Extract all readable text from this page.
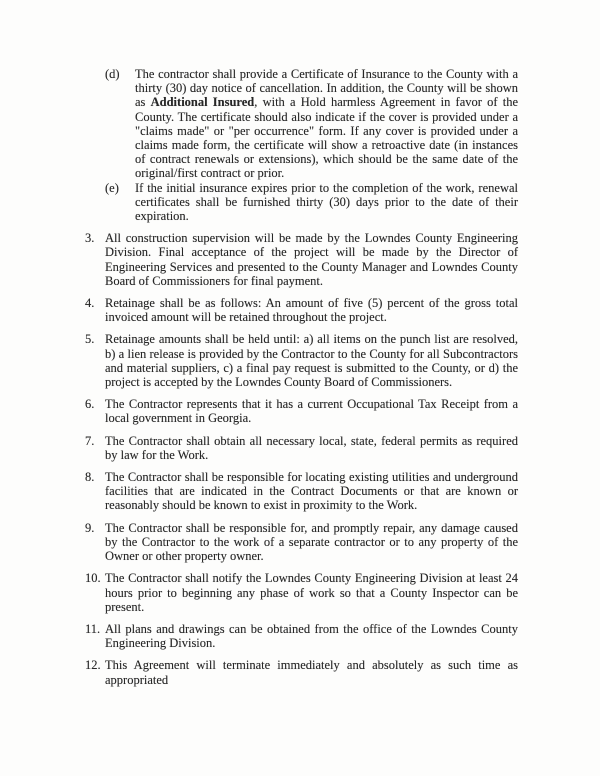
(d)	The contractor shall provide a Certificate of Insurance to the County with a thirty (30) day notice of cancellation. In addition, the County will be shown as Additional Insured, with a Hold harmless Agreement in favor of the County. The certificate should also indicate if the cover is provided under a "claims made" or "per occurrence" form. If any cover is provided under a claims made form, the certificate will show a retroactive date (in instances of contract renewals or extensions), which should be the same date of the original/first contract or prior.

(e)	If the initial insurance expires prior to the completion of the work, renewal certificates shall be furnished thirty (30) days prior to the date of their expiration.

3. All construction supervision will be made by the Lowndes County Engineering Division. Final acceptance of the project will be made by the Director of Engineering Services and presented to the County Manager and Lowndes County Board of Commissioners for final payment.

4. Retainage shall be as follows: An amount of five (5) percent of the gross total invoiced amount will be retained throughout the project.

5. Retainage amounts shall be held until: a) all items on the punch list are resolved, b) a lien release is provided by the Contractor to the County for all Subcontractors and material suppliers, c) a final pay request is submitted to the County, or d) the project is accepted by the Lowndes County Board of Commissioners.

6. The Contractor represents that it has a current Occupational Tax Receipt from a local government in Georgia.

7. The Contractor shall obtain all necessary local, state, federal permits as required by law for the Work.

8. The Contractor shall be responsible for locating existing utilities and underground facilities that are indicated in the Contract Documents or that are known or reasonably should be known to exist in proximity to the Work.

9. The Contractor shall be responsible for, and promptly repair, any damage caused by the Contractor to the work of a separate contractor or to any property of the Owner or other property owner.

10. The Contractor shall notify the Lowndes County Engineering Division at least 24 hours prior to beginning any phase of work so that a County Inspector can be present.

11. All plans and drawings can be obtained from the office of the Lowndes County Engineering Division.

12. This Agreement will terminate immediately and absolutely as such time as appropriated
